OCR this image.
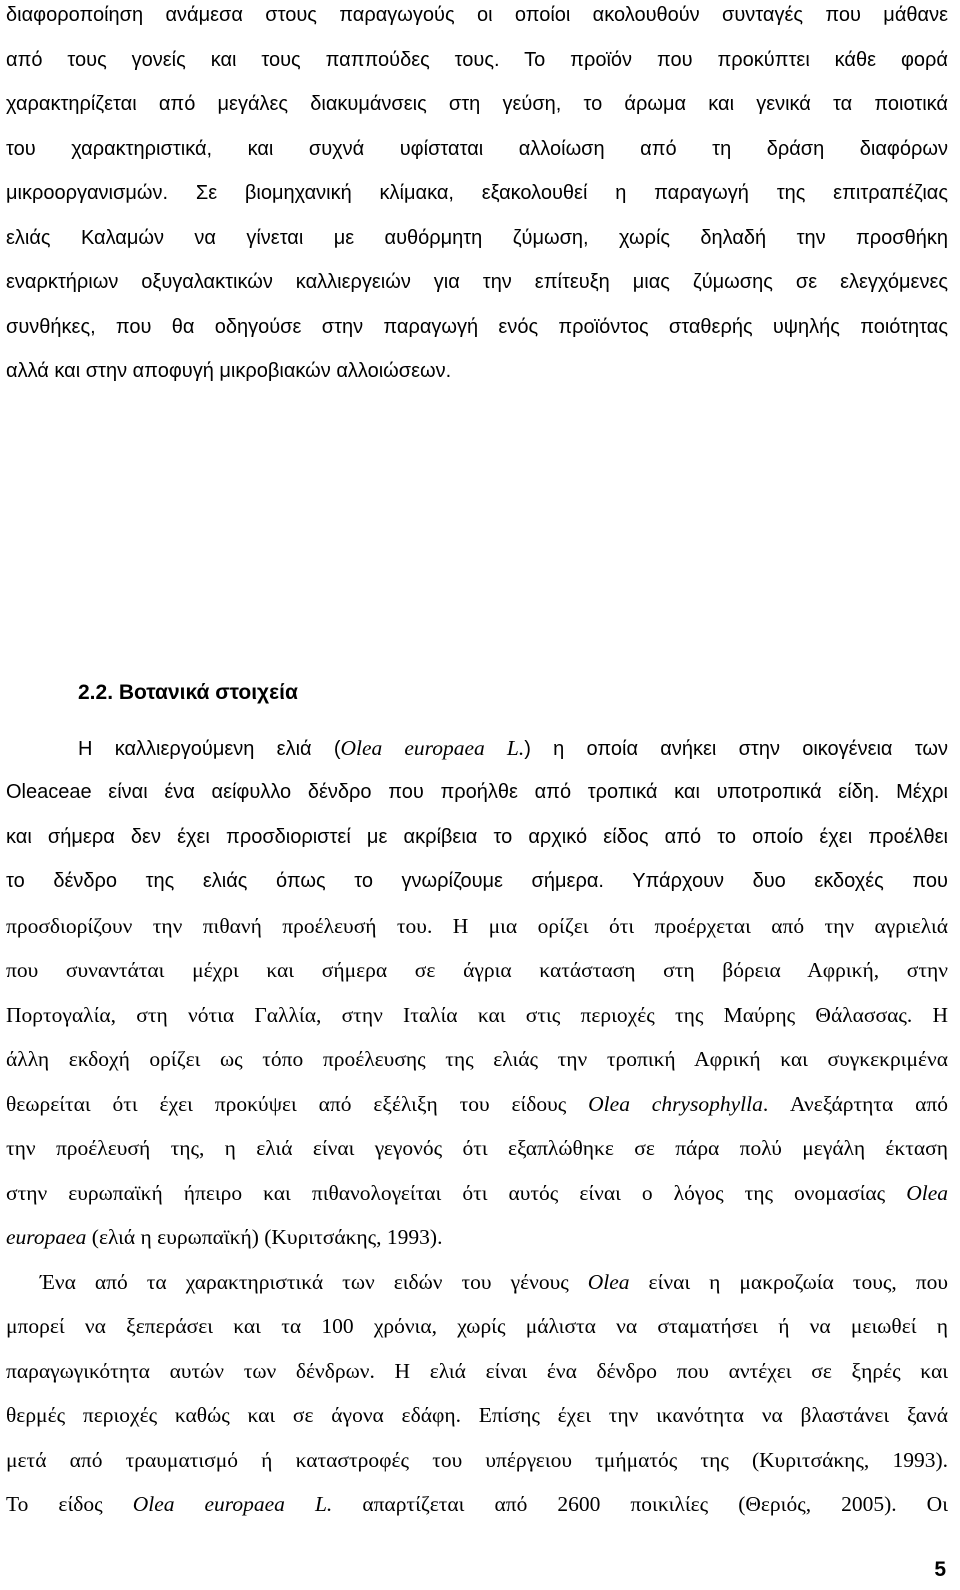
διαφοροποίηση ανάμεσα στους παραγωγούς οι οποίοι ακολουθούν συνταγές που μάθανε
από τους γονείς και τους παππούδες τους. Το προϊόν που προκύπτει κάθε φορά
χαρακτηρίζεται από μεγάλες διακυμάνσεις στη γεύση, το άρωμα και γενικά τα ποιοτικά
του χαρακτηριστικά, και συχνά υφίσταται αλλοίωση από τη δράση διαφόρων
μικροοργανισμών. Σε βιομηχανική κλίμακα, εξακολουθεί η παραγωγή της επιτραπέζιας
ελιάς Καλαμών να γίνεται με αυθόρμητη ζύμωση, χωρίς δηλαδή την προσθήκη
εναρκτήριων οξυγαλακτικών καλλιεργειών για την επίτευξη μιας ζύμωσης σε ελεγχόμενες
συνθήκες, που θα οδηγούσε στην παραγωγή ενός προϊόντος σταθερής υψηλής ποιότητας
αλλά και στην αποφυγή μικροβιακών αλλοιώσεων.
2.2. Βοτανικά στοιχεία
Η καλλιεργούμενη ελιά (Olea europaea L.) η οποία ανήκει στην οικογένεια των
Oleaceae είναι ένα αείφυλλο δένδρο που προήλθε από τροπικά και υποτροπικά είδη. Μέχρι
και σήμερα δεν έχει προσδιοριστεί με ακρίβεια το αρχικό είδος από το οποίο έχει προέλθει
το δένδρο της ελιάς όπως το γνωρίζουμε σήμερα. Υπάρχουν δυο εκδοχές που
προσδιορίζουν την πιθανή προέλευσή του. Η μια ορίζει ότι προέρχεται από την αγριελιά
που συναντάται μέχρι και σήμερα σε άγρια κατάσταση στη βόρεια Αφρική, στην
Πορτογαλία, στη νότια Γαλλία, στην Ιταλία και στις περιοχές της Μαύρης Θάλασσας. Η
άλλη εκδοχή ορίζει ως τόπο προέλευσης της ελιάς την τροπική Αφρική και συγκεκριμένα
θεωρείται ότι έχει προκύψει από εξέλιξη του είδους Olea chrysophylla. Ανεξάρτητα από
την προέλευσή της, η ελιά είναι γεγονός ότι εξαπλώθηκε σε πάρα πολύ μεγάλη έκταση
στην ευρωπαϊκή ήπειρο και πιθανολογείται ότι αυτός είναι ο λόγος της ονομασίας Olea
europaea (ελιά η ευρωπαϊκή) (Κυριτσάκης, 1993).
Ένα από τα χαρακτηριστικά των ειδών του γένους Olea είναι η μακροζωία τους, που
μπορεί να ξεπεράσει και τα 100 χρόνια, χωρίς μάλιστα να σταματήσει ή να μειωθεί η
παραγωγικότητα αυτών των δένδρων. Η ελιά είναι ένα δένδρο που αντέχει σε ξηρές και
θερμές περιοχές καθώς και σε άγονα εδάφη. Επίσης έχει την ικανότητα να βλαστάνει ξανά
μετά από τραυματισμό ή καταστροφές του υπέργειου τμήματός της (Κυριτσάκης, 1993).
Το είδος Olea europaea L. απαρτίζεται από 2600 ποικιλίες (Θεριός, 2005). Οι
5
